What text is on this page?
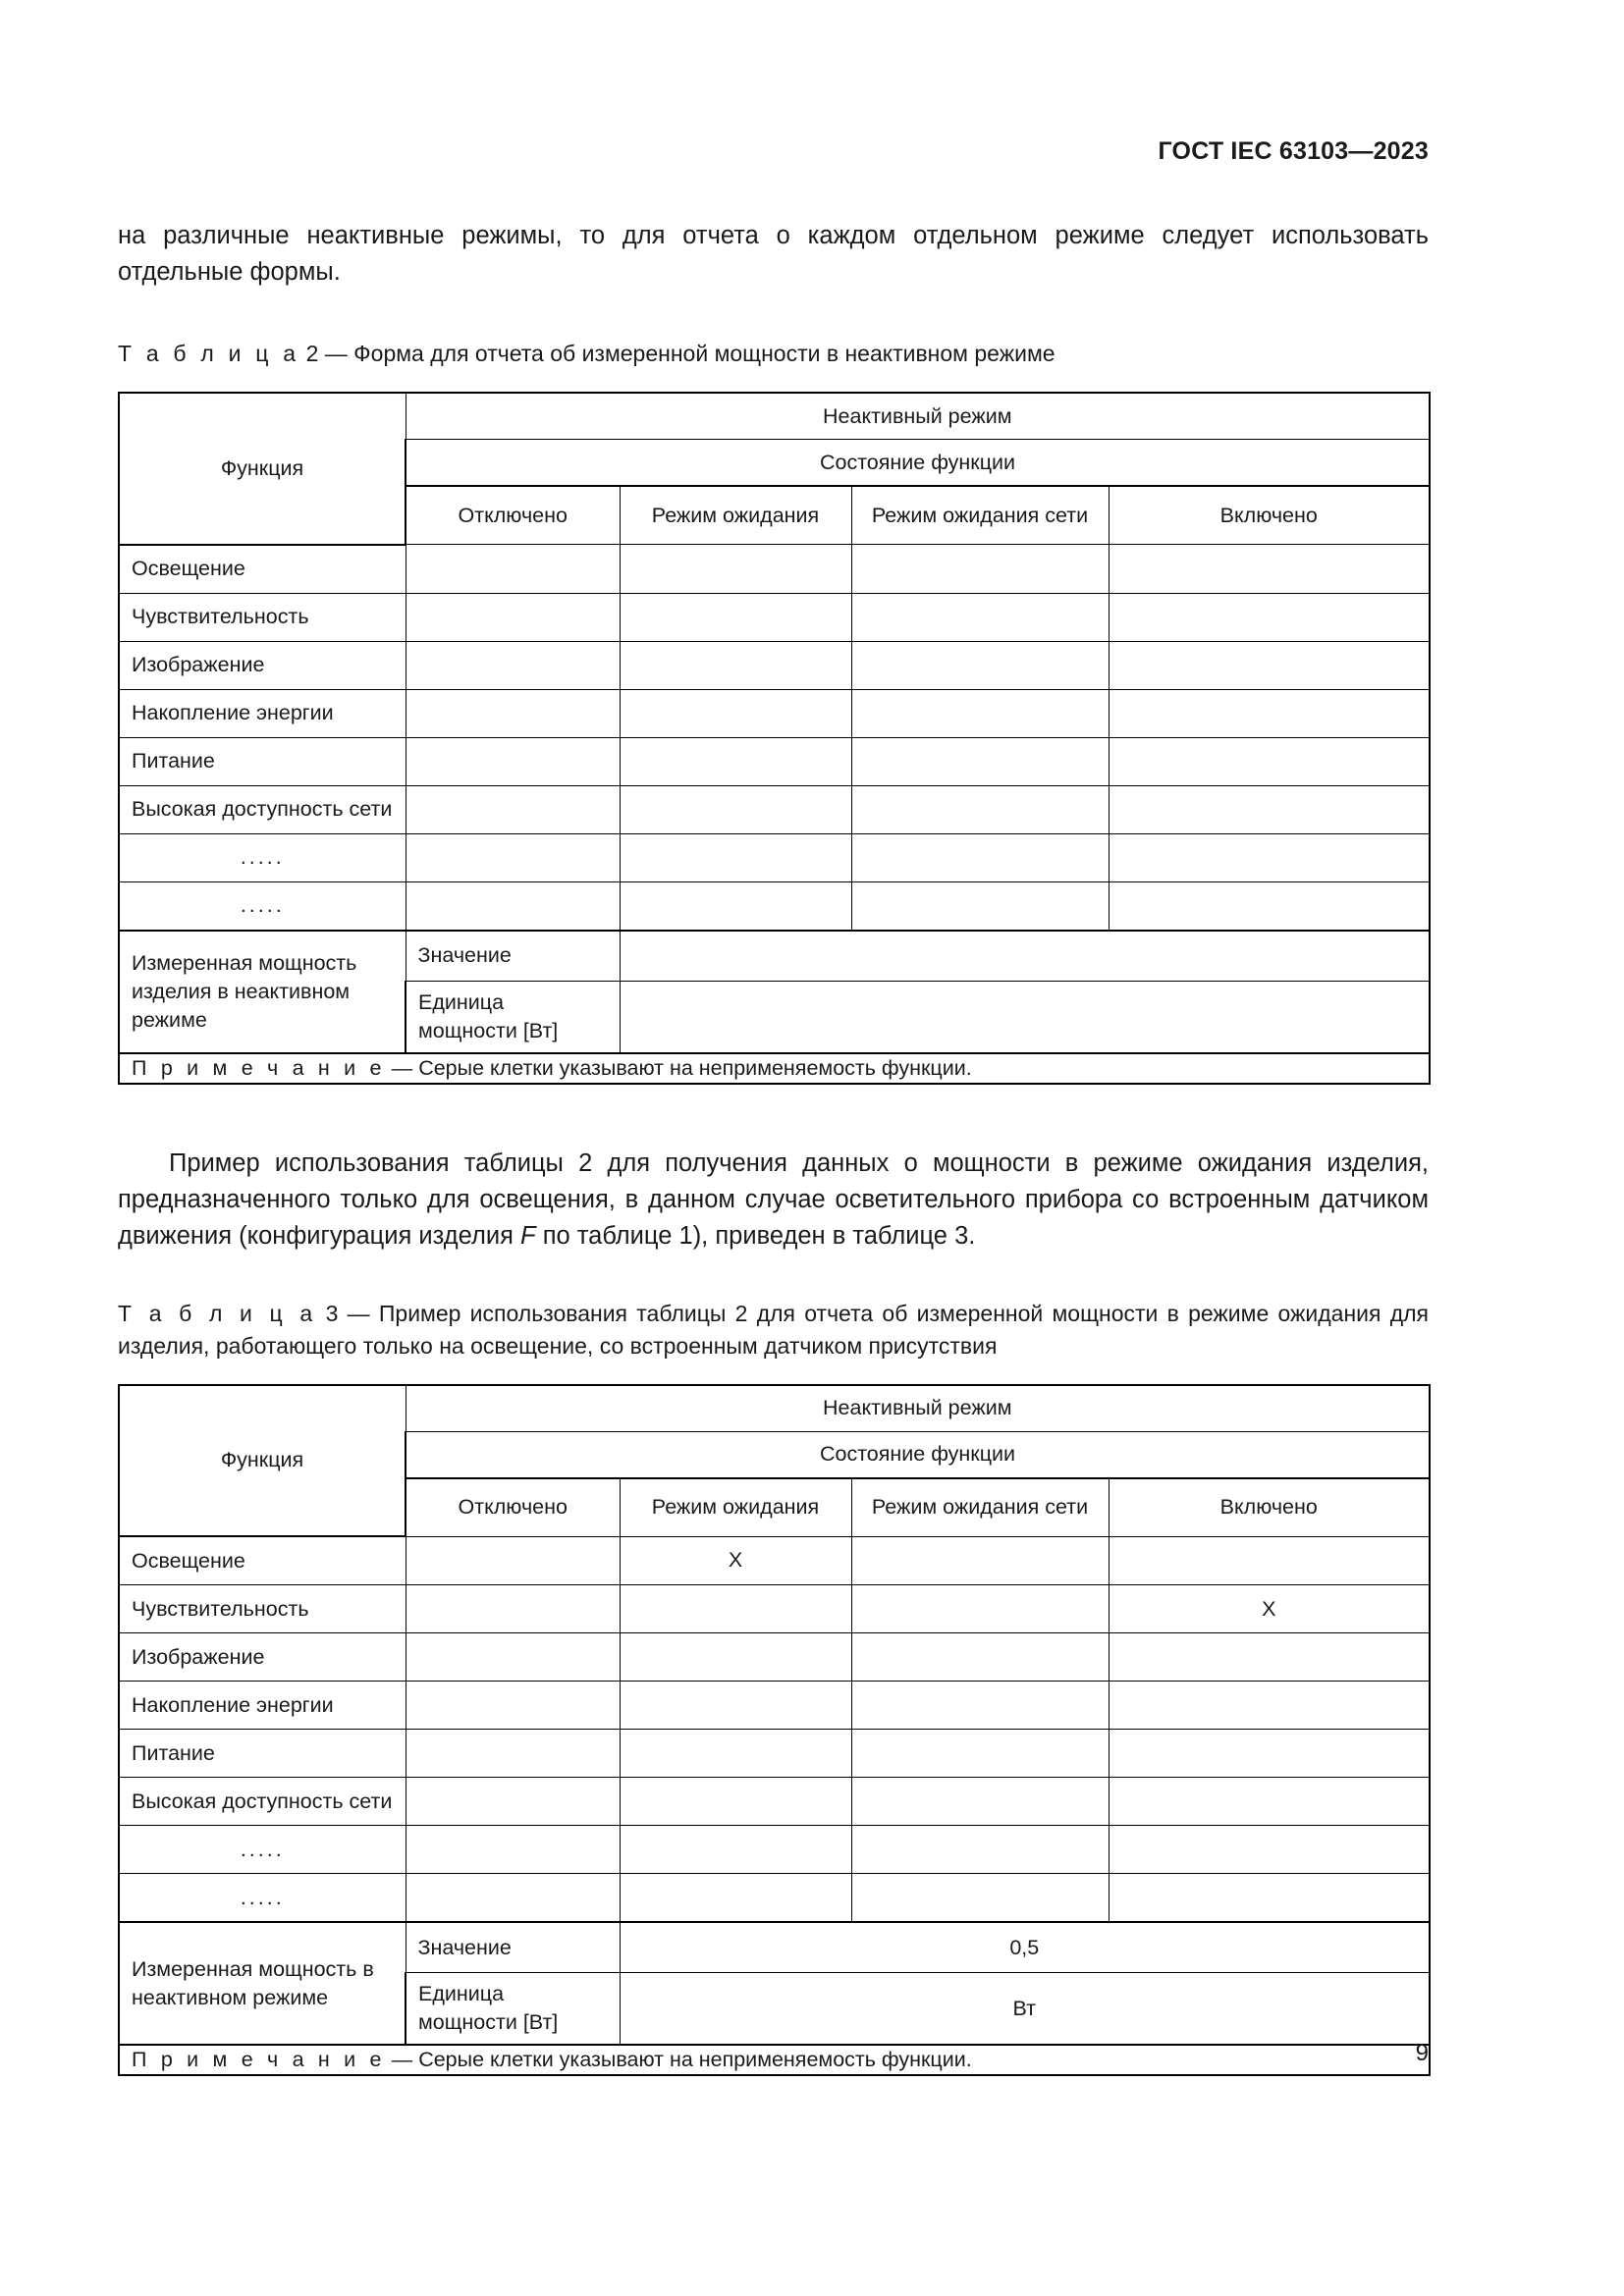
ГОСТ IEC 63103—2023

на различные неактивные режимы, то для отчета о каждом отдельном режиме следует использовать отдельные формы.

Т а б л и ц а 2 — Форма для отчета об измеренной мощности в неактивном режиме

Функция	Неактивный режим			
	Состояние функции			
	Отключено	Режим ожидания	Режим ожидания сети	Включено
Освещение				
Чувствительность				
Изображение				
Накопление энергии				
Питание				
Высокая доступность сети				
.....				
.....				
Измеренная мощность изделия в неактивном режиме	Значение			
	Единица мощности [Вт]			
П р и м е ч а н и е — Серые клетки указывают на неприменяемость функции.				

Пример использования таблицы 2 для получения данных о мощности в режиме ожидания изделия, предназначенного только для освещения, в данном случае осветительного прибора со встроенным датчиком движения (конфигурация изделия F по таблице 1), приведен в таблице 3.

Т а б л и ц а 3 — Пример использования таблицы 2 для отчета об измеренной мощности в режиме ожидания для изделия, работающего только на освещение, со встроенным датчиком присутствия

Функция	Неактивный режим			
	Состояние функции			
	Отключено	Режим ожидания	Режим ожидания сети	Включено
Освещение		X		
Чувствительность				X
Изображение				
Накопление энергии				
Питание				
Высокая доступность сети				
.....				
.....				
Измеренная мощность в неактивном режиме	Значение	0,5		
	Единица мощности [Вт]	Вт		
П р и м е ч а н и е — Серые клетки указывают на неприменяемость функции.					9
